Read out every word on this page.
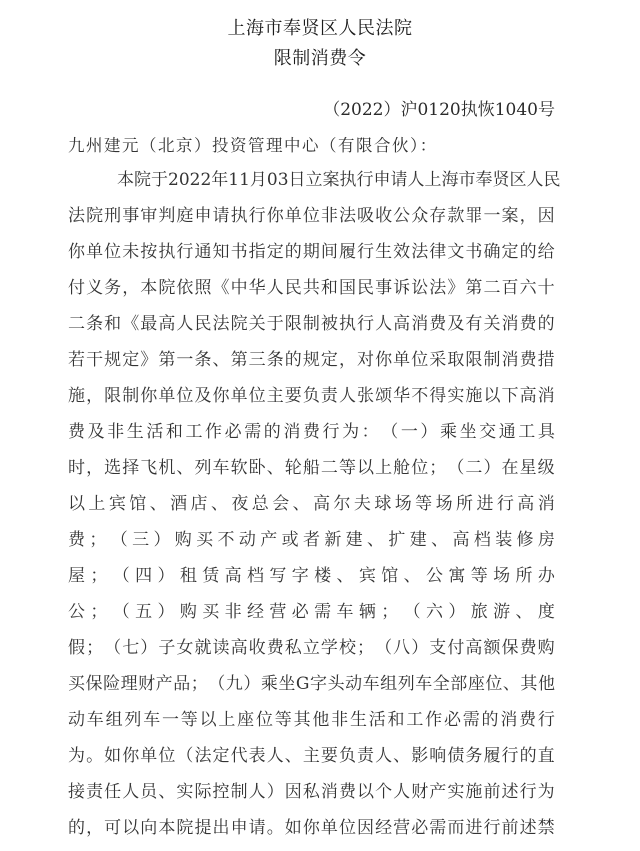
上海市奉贤区人民法院
限制消费令
（2022）沪0120执恢1040号
九州建元（北京）投资管理中心（有限合伙）：
本 院 于 2022 年 11 月 03 日 立 案 执 行 申 请 人 上 海 市 奉 贤 区 人 民
法 院 刑 事 审 判 庭 申 请 执 行 你 单 位 非 法 吸 收 公 众 存 款 罪 一 案 ， 因
你 单 位 未 按 执 行 通 知 书 指 定 的 期 间 履 行 生 效 法 律 文 书 确 定 的 给
付 义 务 ， 本 院 依 照 《 中 华 人 民 共 和 国 民 事 诉 讼 法 》 第 二 百 六 十
二 条 和 《 最 高 人 民 法 院 关 于 限 制 被 执 行 人 高 消 费 及 有 关 消 费 的
若 干 规 定 》 第 一 条 、 第 三 条 的 规 定 ， 对 你 单 位 采 取 限 制 消 费 措
施 ， 限 制 你 单 位 及 你 单 位 主 要 负 责 人 张 颂 华 不 得 实 施 以 下 高 消
费 及 非 生 活 和 工 作 必 需 的 消 费 行 为 ： （ 一 ） 乘 坐 交 通 工 具
时 ， 选 择 飞 机 、 列 车 软 卧 、 轮 船 二 等 以 上 舱 位 ； （ 二 ） 在 星 级
以 上 宾 馆 、 酒 店 、 夜 总 会 、 高 尔 夫 球 场 等 场 所 进 行 高 消
费 ； （ 三 ） 购 买 不 动 产 或 者 新 建 、 扩 建 、 高 档 装 修 房
屋 ； （ 四 ） 租 赁 高 档 写 字 楼 、 宾 馆 、 公 寓 等 场 所 办
公 ； （ 五 ） 购 买 非 经 营 必 需 车 辆 ； （ 六 ） 旅 游 、 度
假 ； （ 七 ） 子 女 就 读 高 收 费 私 立 学 校 ； （ 八 ） 支 付 高 额 保 费 购
买 保 险 理 财 产 品 ； （ 九 ） 乘 坐 G 字 头 动 车 组 列 车 全 部 座 位 、 其 他
动 车 组 列 车 一 等 以 上 座 位 等 其 他 非 生 活 和 工 作 必 需 的 消 费 行
为 。 如 你 单 位 （ 法 定 代 表 人 、 主 要 负 责 人 、 影 响 债 务 履 行 的 直
接 责 任 人 员 、 实 际 控 制 人 ） 因 私 消 费 以 个 人 财 产 实 施 前 述 行 为
的 ， 可 以 向 本 院 提 出 申 请 。 如 你 单 位 因 经 营 必 需 而 进 行 前 述 禁
